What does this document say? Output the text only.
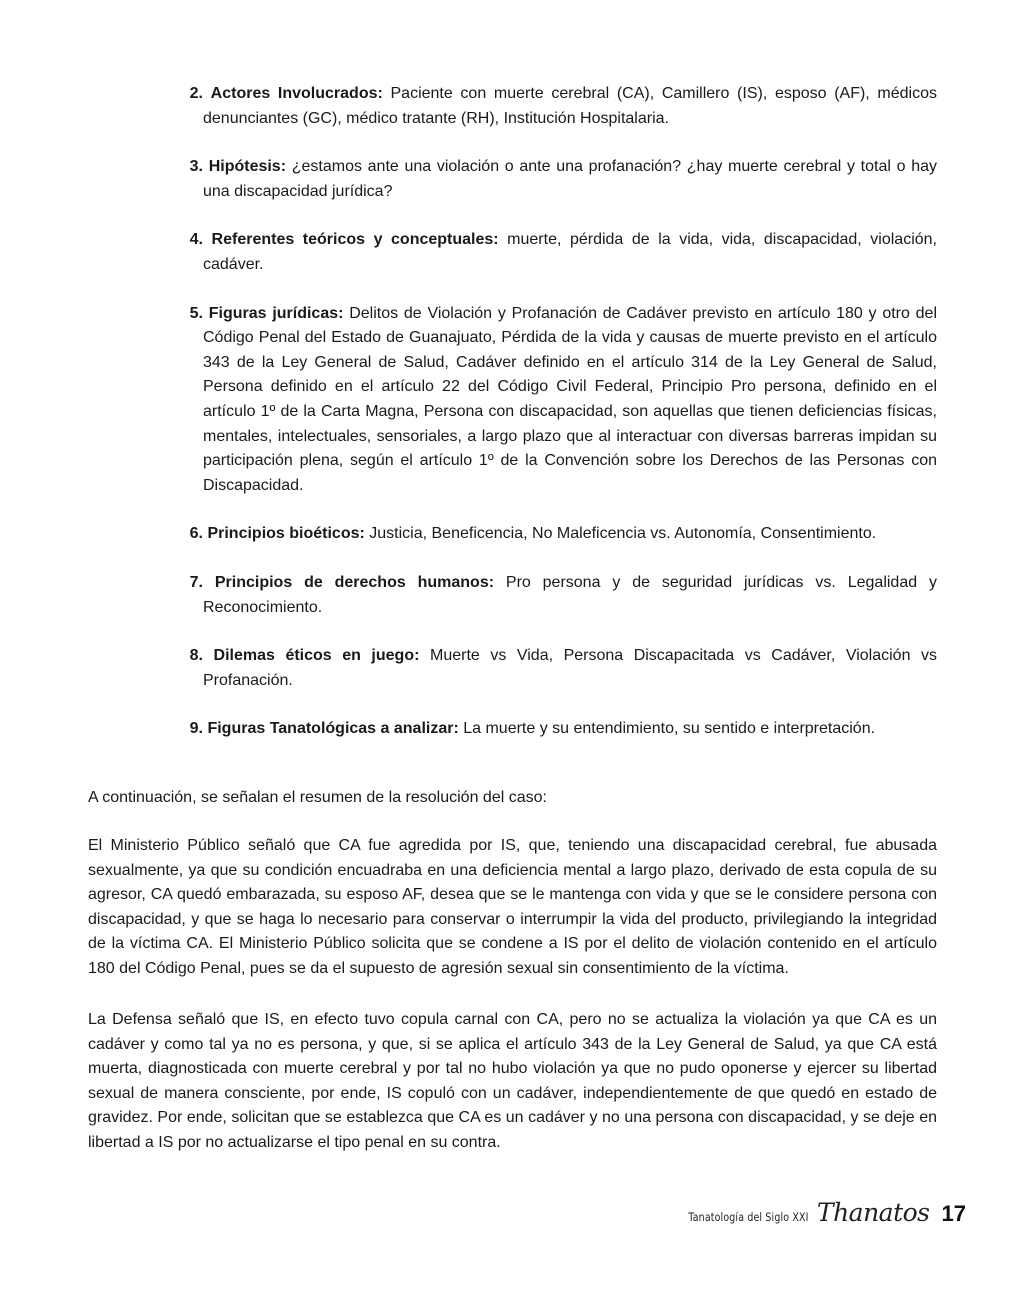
2. Actores Involucrados: Paciente con muerte cerebral (CA), Camillero (IS), esposo (AF), médicos denunciantes (GC), médico tratante (RH), Institución Hospitalaria.
3. Hipótesis: ¿estamos ante una violación o ante una profanación? ¿hay muerte cerebral y total o hay una discapacidad jurídica?
4. Referentes teóricos y conceptuales: muerte, pérdida de la vida, vida, discapacidad, violación, cadáver.
5. Figuras jurídicas: Delitos de Violación y Profanación de Cadáver previsto en artículo 180 y otro del Código Penal del Estado de Guanajuato, Pérdida de la vida y causas de muerte previsto en el artículo 343 de la Ley General de Salud, Cadáver definido en el artículo 314 de la Ley General de Salud, Persona definido en el artículo 22 del Código Civil Federal, Principio Pro persona, definido en el artículo 1º de la Carta Magna, Persona con discapacidad, son aquellas que tienen deficiencias físicas, mentales, intelectuales, sensoriales, a largo plazo que al interactuar con diversas barreras impidan su participación plena, según el artículo 1º de la Convención sobre los Derechos de las Personas con Discapacidad.
6. Principios bioéticos: Justicia, Beneficencia, No Maleficencia vs. Autonomía, Consentimiento.
7. Principios de derechos humanos: Pro persona y de seguridad jurídicas vs. Legalidad y Reconocimiento.
8. Dilemas éticos en juego: Muerte vs Vida, Persona Discapacitada vs Cadáver, Violación vs Profanación.
9. Figuras Tanatológicas a analizar: La muerte y su entendimiento, su sentido e interpretación.

A continuación, se señalan el resumen de la resolución del caso:

El Ministerio Público señaló que CA fue agredida por IS, que, teniendo una discapacidad cerebral, fue abusada sexualmente, ya que su condición encuadraba en una deficiencia mental a largo plazo, derivado de esta copula de su agresor, CA quedó embarazada, su esposo AF, desea que se le mantenga con vida y que se le considere persona con discapacidad, y que se haga lo necesario para conservar o interrumpir la vida del producto, privilegiando la integridad de la víctima CA. El Ministerio Público solicita que se condene a IS por el delito de violación contenido en el artículo 180 del Código Penal, pues se da el supuesto de agresión sexual sin consentimiento de la víctima.

La Defensa señaló que IS, en efecto tuvo copula carnal con CA, pero no se actualiza la violación ya que CA es un cadáver y como tal ya no es persona, y que, si se aplica el artículo 343 de la Ley General de Salud, ya que CA está muerta, diagnosticada con muerte cerebral y por tal no hubo violación ya que no pudo oponerse y ejercer su libertad sexual de manera consciente, por ende, IS copuló con un cadáver, independientemente de que quedó en estado de gravidez. Por ende, solicitan que se establezca que CA es un cadáver y no una persona con discapacidad, y se deje en libertad a IS por no actualizarse el tipo penal en su contra.

Tanatología del Siglo XXI Thanatos 17
